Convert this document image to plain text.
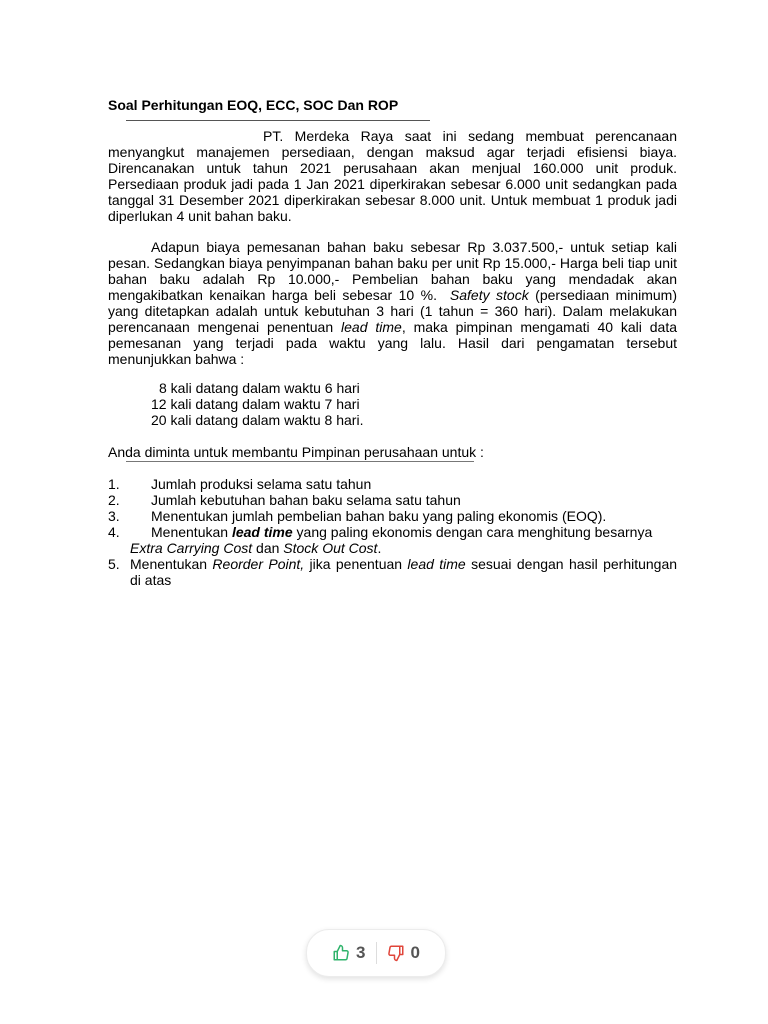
Soal Perhitungan EOQ, ECC, SOC Dan ROP

PT. Merdeka Raya saat ini sedang membuat perencanaan menyangkut manajemen persediaan, dengan maksud agar terjadi efisiensi biaya. Direncanakan untuk tahun 2021 perusahaan akan menjual 160.000 unit produk. Persediaan produk jadi pada 1 Jan 2021 diperkirakan sebesar 6.000 unit sedangkan pada tanggal 31 Desember 2021 diperkirakan sebesar 8.000 unit. Untuk membuat 1 produk jadi diperlukan 4 unit bahan baku.

Adapun biaya pemesanan bahan baku sebesar Rp 3.037.500,- untuk setiap kali pesan. Sedangkan biaya penyimpanan bahan baku per unit Rp 15.000,- Harga beli tiap unit bahan baku adalah Rp 10.000,- Pembelian bahan baku yang mendadak akan mengakibatkan kenaikan harga beli sebesar 10 %. Safety stock (persediaan minimum) yang ditetapkan adalah untuk kebutuhan 3 hari (1 tahun = 360 hari). Dalam melakukan perencanaan mengenai penentuan lead time, maka pimpinan mengamati 40 kali data pemesanan yang terjadi pada waktu yang lalu. Hasil dari pengamatan tersebut menunjukkan bahwa :

8 kali datang dalam waktu 6 hari
12 kali datang dalam waktu 7 hari
20 kali datang dalam waktu 8 hari.

Anda diminta untuk membantu Pimpinan perusahaan untuk :

1.	Jumlah produksi selama satu tahun
2.	Jumlah kebutuhan bahan baku selama satu tahun
3.	Menentukan jumlah pembelian bahan baku yang paling ekonomis (EOQ).
4.	Menentukan lead time yang paling ekonomis dengan cara menghitung besarnya
Extra Carrying Cost dan Stock Out Cost.
5. Menentukan Reorder Point, jika penentuan lead time sesuai dengan hasil perhitungan di atas
3	0
